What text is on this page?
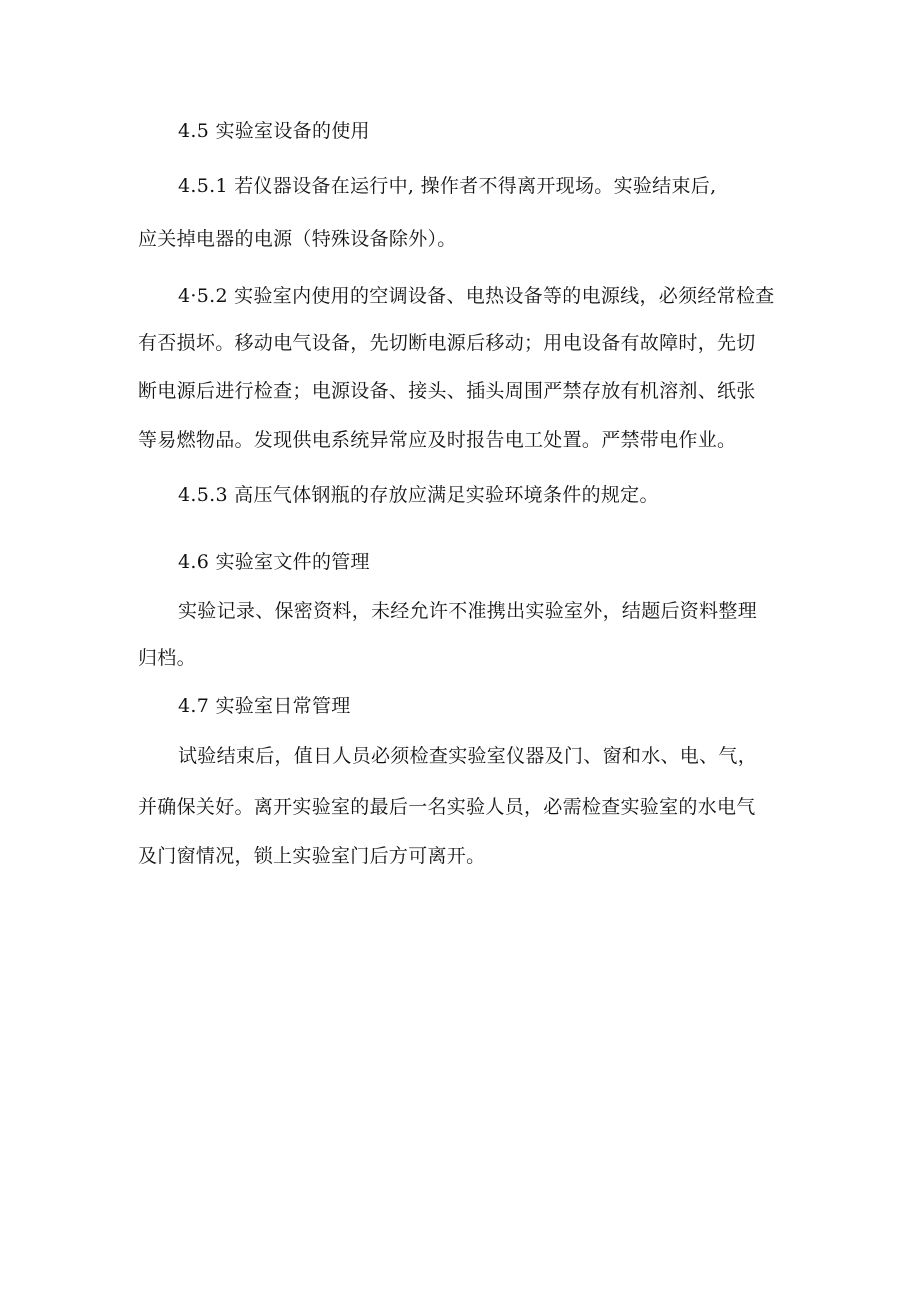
4.5 实验室设备的使用
4.5.1 若仪器设备在运行中, 操作者不得离开现场。实验结束后,
应关掉电器的电源（特殊设备除外）。
4·5.2 实验室内使用的空调设备、电热设备等的电源线，必须经常检查
有否损坏。移动电气设备，先切断电源后移动；用电设备有故障时，先切
断电源后进行检查；电源设备、接头、插头周围严禁存放有机溶剂、纸张
等易燃物品。发现供电系统异常应及时报告电工处置。严禁带电作业。
4.5.3 高压气体钢瓶的存放应满足实验环境条件的规定。
4.6 实验室文件的管理
实验记录、保密资料，未经允许不准携出实验室外，结题后资料整理
归档。
4.7 实验室日常管理
试验结束后，值日人员必须检查实验室仪器及门、窗和水、电、气，
并确保关好。离开实验室的最后一名实验人员，必需检查实验室的水电气
及门窗情况，锁上实验室门后方可离开。
